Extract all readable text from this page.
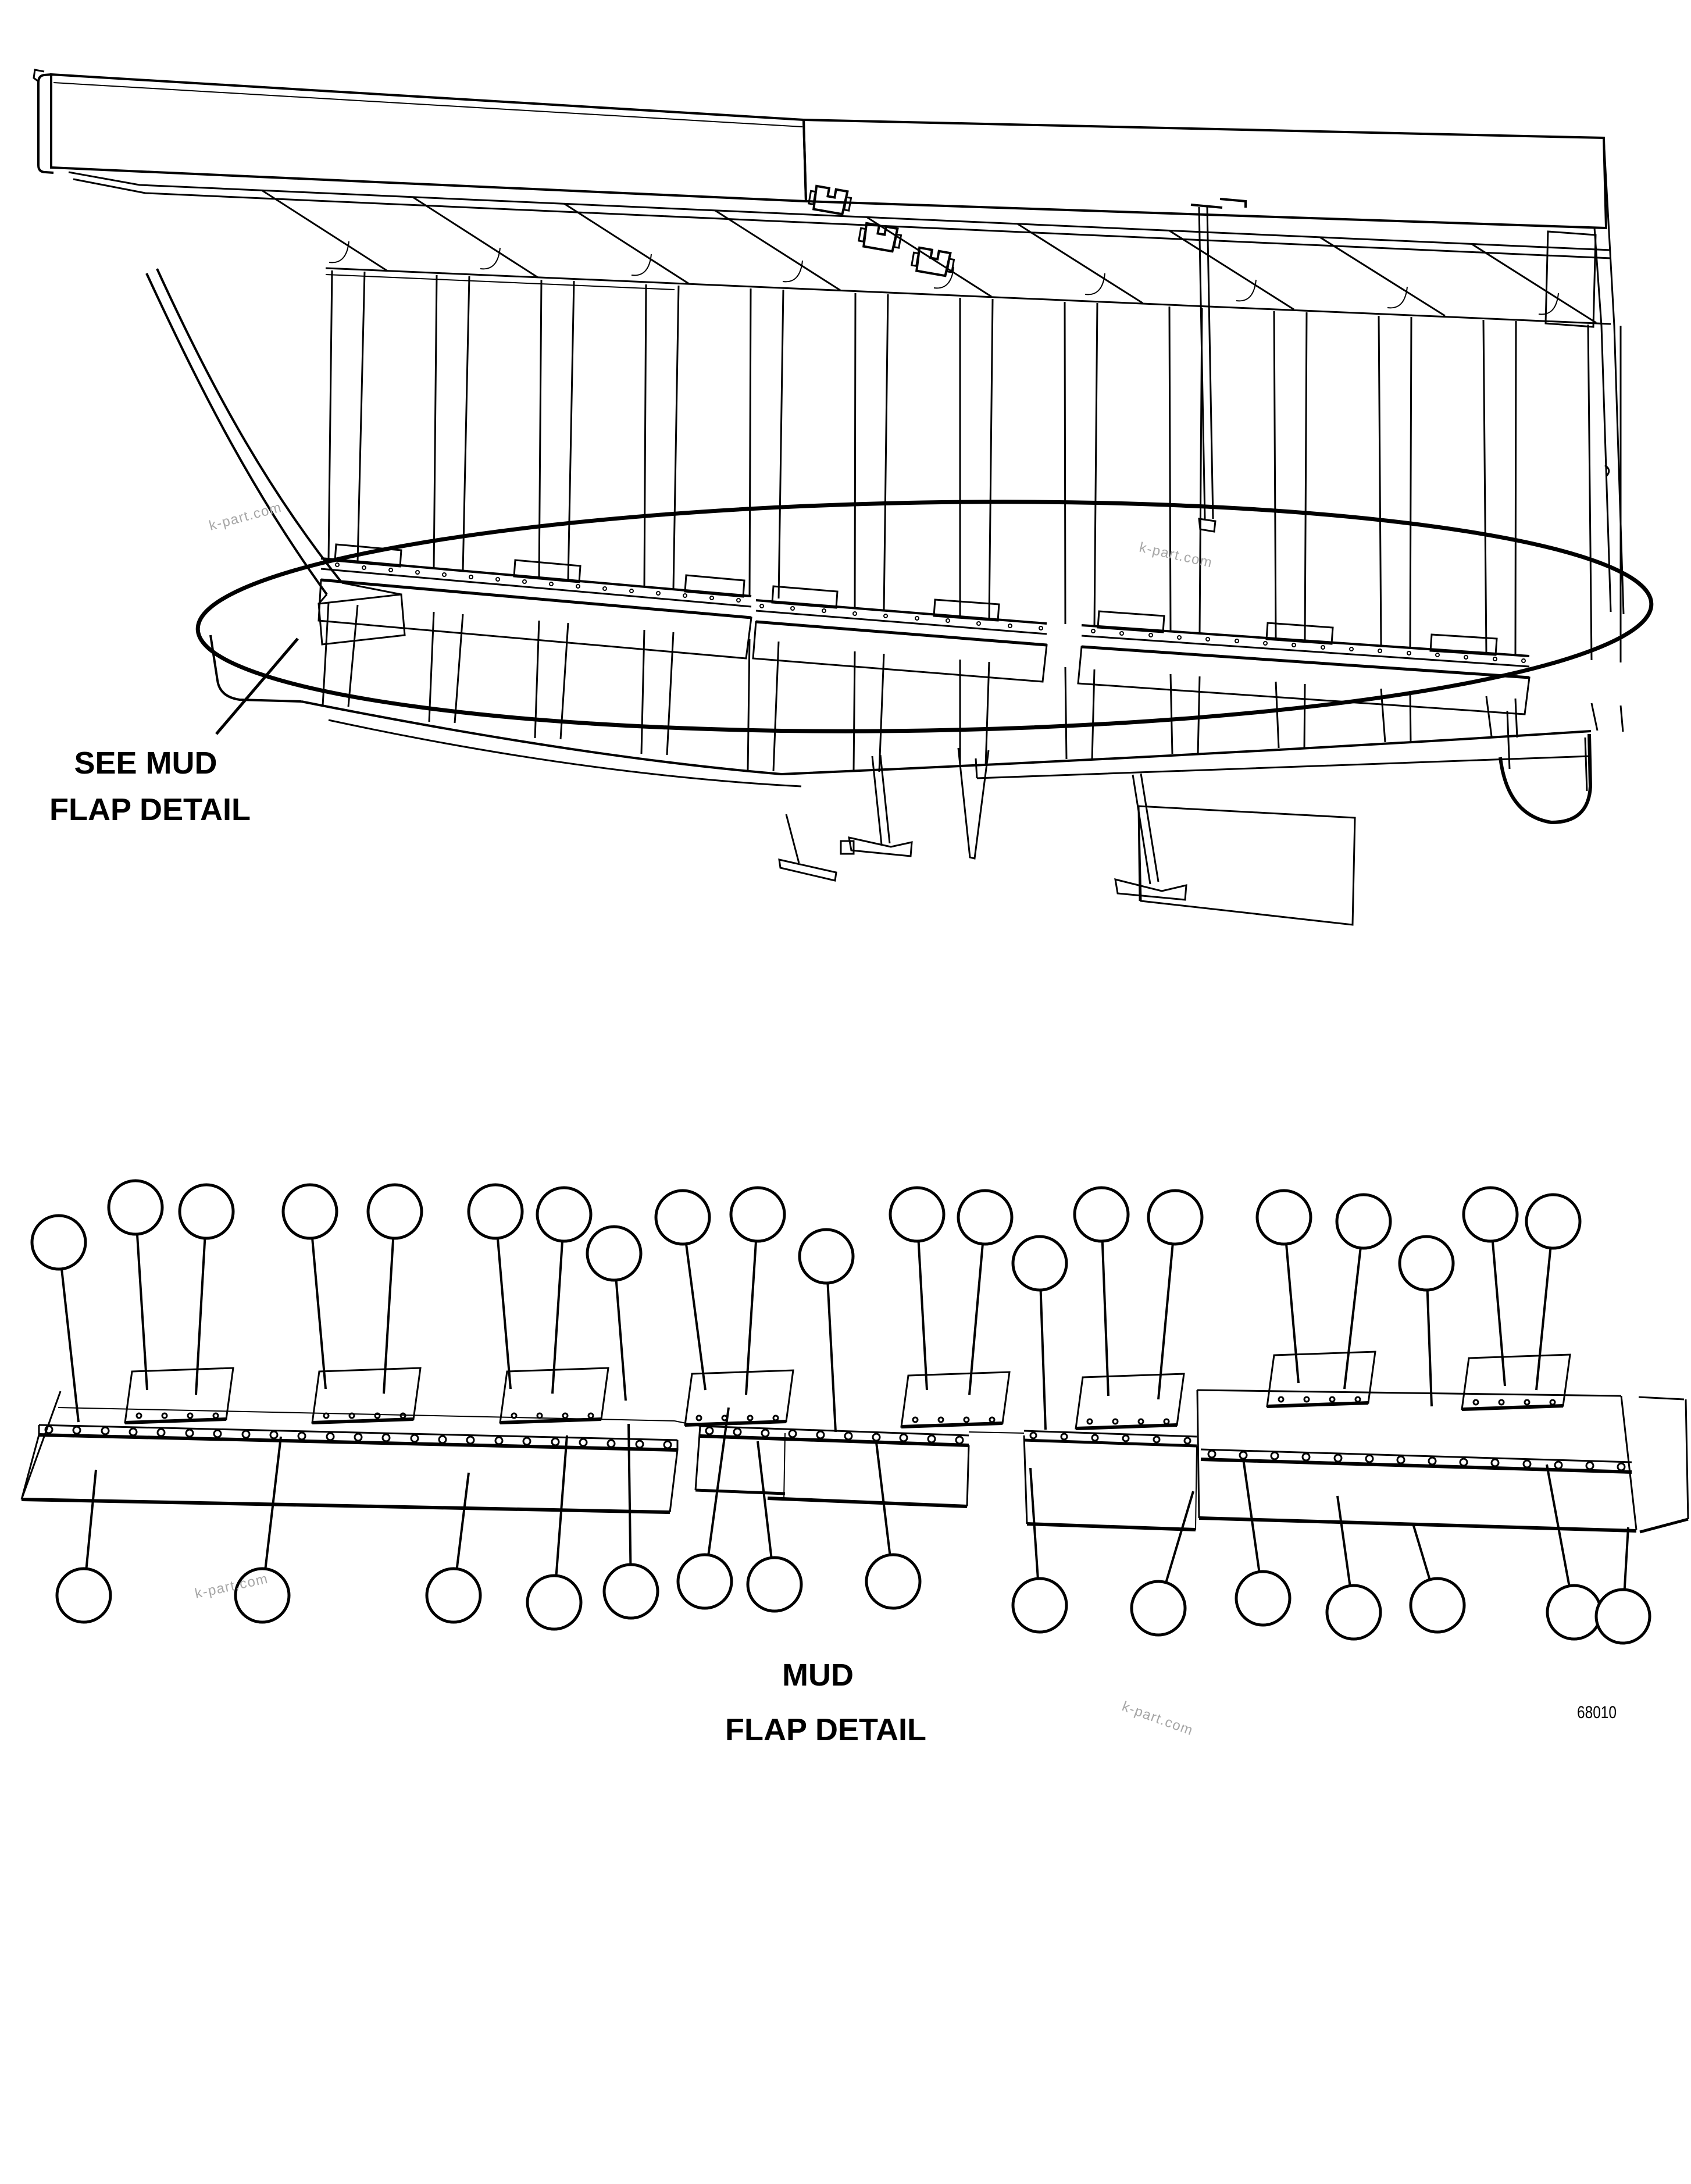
SEE MUD FLAP DETAIL
MUD FLAP DETAIL
k-part.com
k-part.com
k-part.com
k-part.com	68010
